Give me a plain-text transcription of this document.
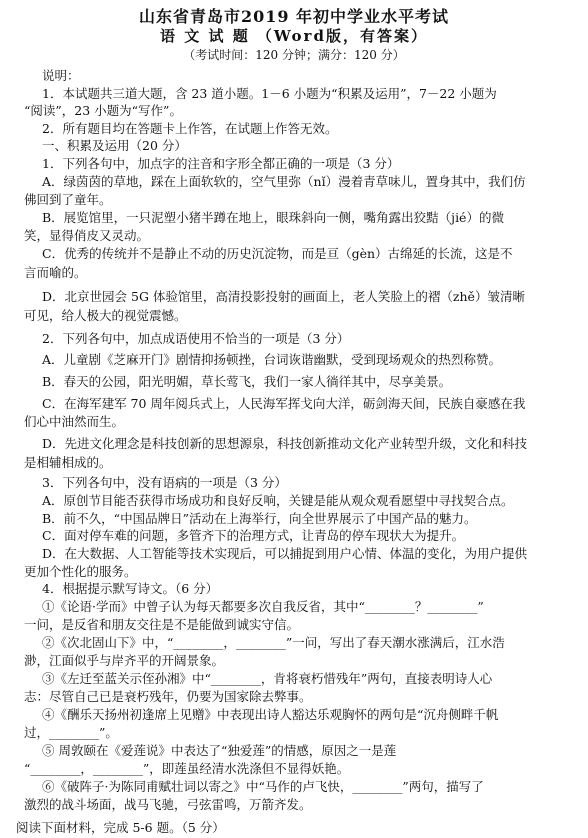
山东省青岛市2019 年初中学业水平考试
语 文 试 题 （Word版，有答案）
（考试时间：120 分钟；满分：120 分）
说明：
1．本试题共三道大题，含 23 道小题。1－6 小题为“积累及运用”，7－22 小题为
“阅读”，23 小题为“写作”。
2．所有题目均在答题卡上作答，在试题上作答无效。
一、积累及运用（20 分）
1．下列各句中，加点字的注音和字形全都正确的一项是（3 分）
A．绿茵茵的草地，踩在上面软软的，空气里弥（nǐ）漫着青草味儿，置身其中，我们仿
佛回到了童年。
B．展览馆里，一只泥塑小猪半蹲在地上，眼珠斜向一侧，嘴角露出狡黠（jié）的微
笑，显得俏皮又灵动。
C．优秀的传统并不是静止不动的历史沉淀物，而是亘（gèn）古绵延的长流，这是不
言而喻的。
D．北京世园会 5G 体验馆里，高清投影投射的画面上，老人笑脸上的褶（zhě）皱清晰
可见，给人极大的视觉震憾。
2．下列各句中，加点成语使用不恰当的一项是（3 分）
A．儿童剧《芝麻开门》剧情抑扬顿挫，台词诙谐幽默，受到现场观众的热烈称赞。
B．春天的公园，阳光明媚，草长莺飞，我们一家人徜徉其中，尽享美景。
C．在海军建军 70 周年阅兵式上，人民海军挥戈向大洋，砺剑海天间，民族自豪感在我
们心中油然而生。
D．先进文化理念是科技创新的思想源泉，科技创新推动文化产业转型升级，文化和科技
是相辅相成的。
3．下列各句中，没有语病的一项是（3 分）
A．原创节目能否获得市场成功和良好反响，关键是能从观众观看愿望中寻找契合点。
B．前不久，“中国品牌日”活动在上海举行，向全世界展示了中国产品的魅力。
C．面对停车难的问题，多管齐下的治理方式，让青岛的停车现状大为提升。
D．在大数据、人工智能等技术实现后，可以捕捉到用户心情、体温的变化，为用户提供
更加个性化的服务。
4．根据提示默写诗文。（6 分）
①《论语·学而》中曾子认为每天都要多次自我反省，其中“________？________”
一问，是反省和朋友交往是不是能做到诚实守信。
②《次北固山下》中，“________，________”一问，写出了春天潮水涨满后，江水浩
渺，江面似乎与岸齐平的开阔景象。
③《左迁至蓝关示侄孙湘》中“________，肯将衰朽惜残年”两句，直接表明诗人心
志：尽管自己已是衰朽残年，仍要为国家除去弊事。
④《酬乐天扬州初逢席上见赠》中表现出诗人豁达乐观胸怀的两句是“沉舟侧畔千帆
过，________”。
⑤ 周敦颐在《爱莲说》中表达了“独爱莲”的情感，原因之一是莲
“________，________”，即莲虽经清水洗涤但不显得妖艳。
⑥《破阵子·为陈同甫赋壮词以寄之》中“马作的卢飞快，________”两句，描写了
激烈的战斗场面，战马飞驰，弓弦雷鸣，万箭齐发。
阅读下面材料，完成 5-6 题。（5 分）
